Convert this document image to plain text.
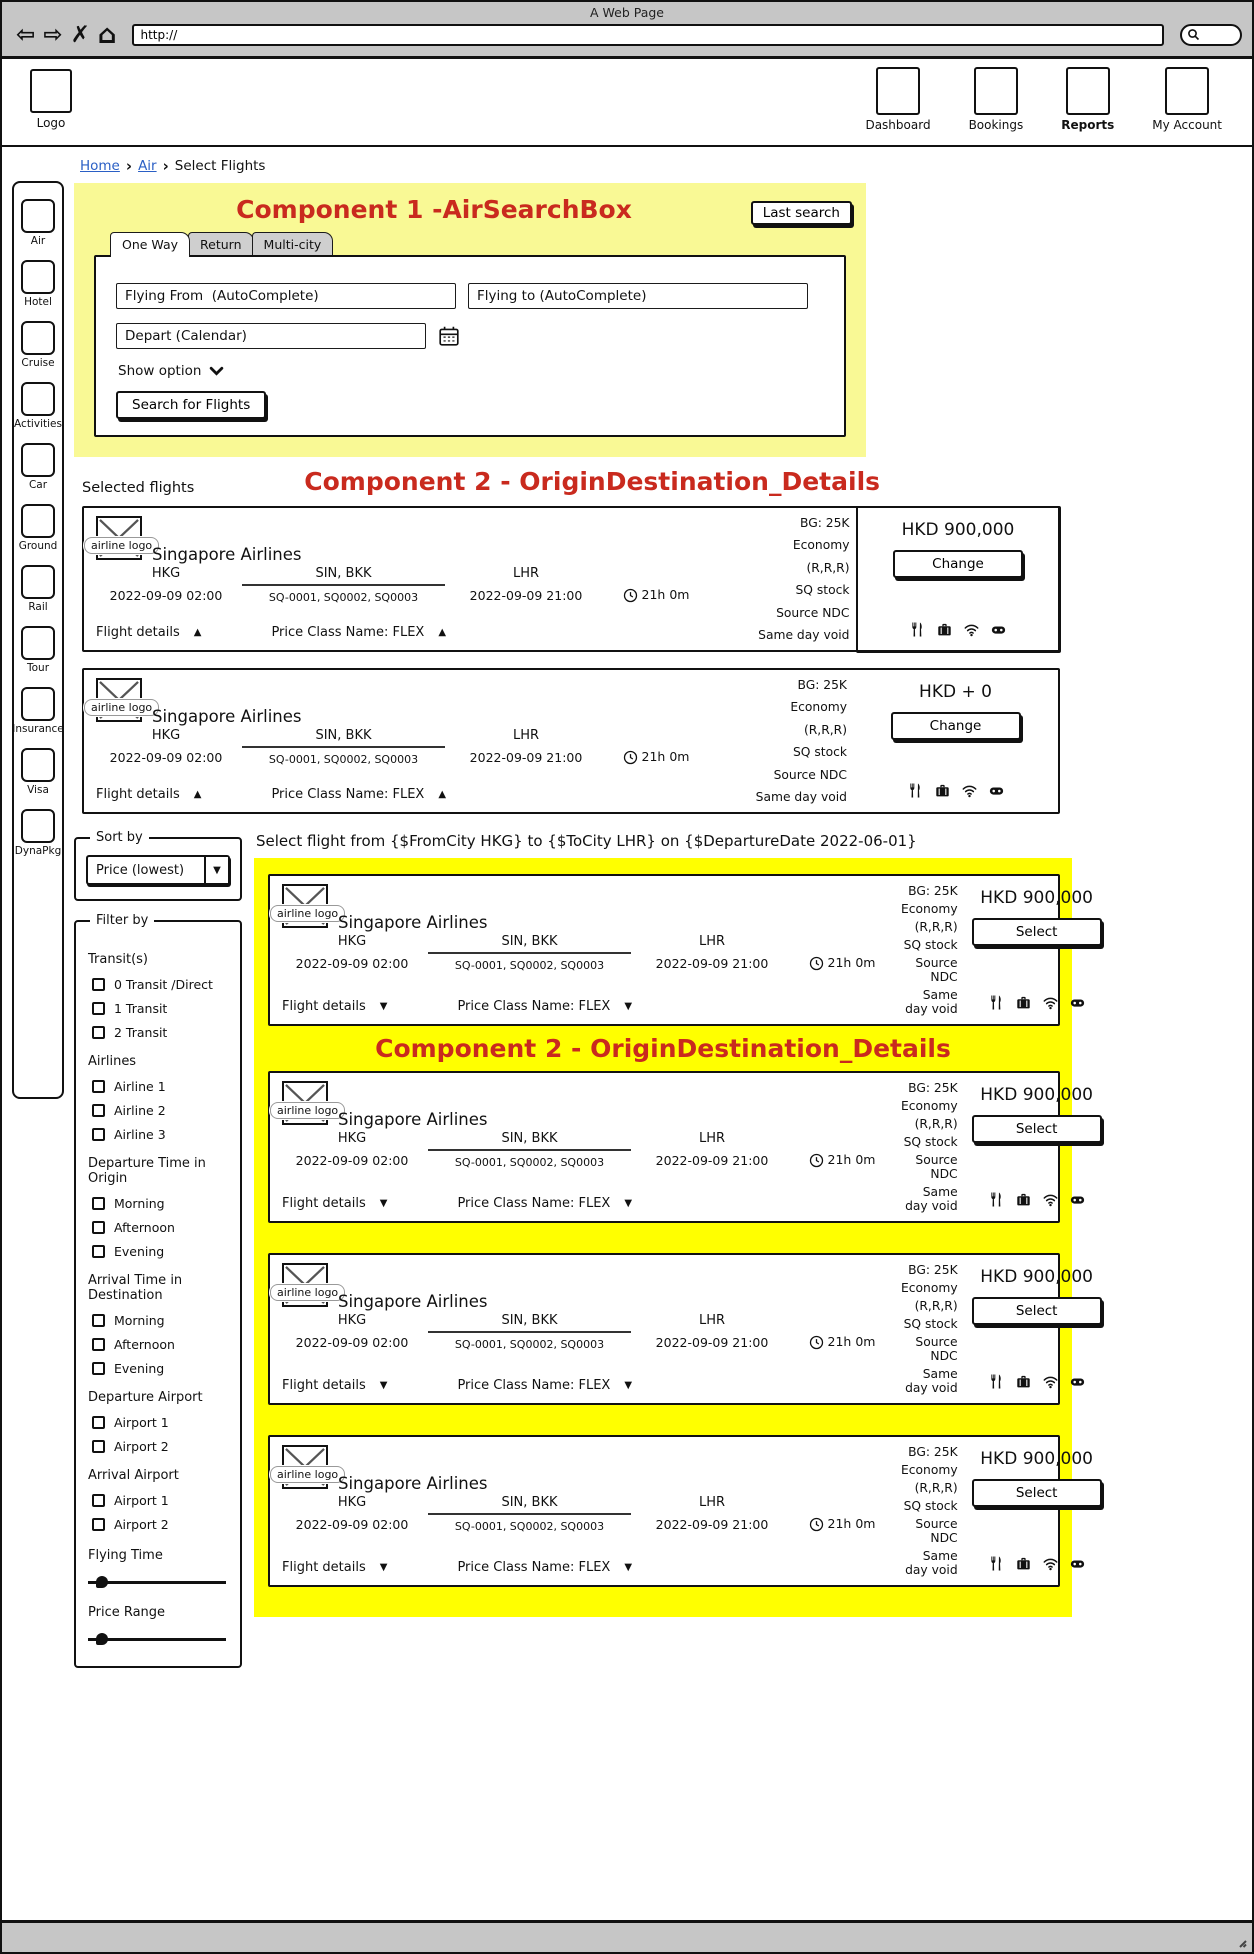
A Web Page
⇦ ⇨ ✗ ⌂
http://
Logo	Dashboard	Bookings	Reports	My Account
Home › Air › Select Flights
Air
Hotel
Cruise
Activities
Car
Ground
Rail
Tour
Insurance
Visa
DynaPkg
Component 1 -AirSearchBox	Last search
One Way	Return	Multi-city
Flying From (AutoComplete)
Flying to (AutoComplete)
Depart (Calendar)
Show option
Search for Flights
Selected flights	Component 2 - OriginDestination_Details
airline logo Singapore Airlines
HKG
2022-09-09 02:00
SIN, BKK
SQ-0001, SQ0002, SQ0003
LHR
2022-09-09 21:00	21h 0m
Flight details ▲	Price Class Name: FLEX ▲
BG: 25K
Economy
(R,R,R)
SQ stock
Source NDC
Same day void
HKD 900,000
Change
airline logo Singapore Airlines
HKG
2022-09-09 02:00
SIN, BKK
SQ-0001, SQ0002, SQ0003
LHR
2022-09-09 21:00	21h 0m
Flight details ▲	Price Class Name: FLEX ▲
BG: 25K
Economy
(R,R,R)
SQ stock
Source NDC
Same day void
HKD + 0
Change
Sort by
Price (lowest)	▼
Filter by
Transit(s)
0 Transit /Direct
1 Transit
2 Transit
Airlines
Airline 1
Airline 2
Airline 3
Departure Time in Origin
Morning
Afternoon
Evening
Arrival Time in Destination
Morning
Afternoon
Evening
Departure Airport
Airport 1
Airport 2
Arrival Airport
Airport 1
Airport 2
Flying Time
Price Range
Select flight from {$FromCity HKG} to {$ToCity LHR} on {$DepartureDate 2022-06-01}
airline logo Singapore Airlines
HKG
2022-09-09 02:00
SIN, BKK
SQ-0001, SQ0002, SQ0003
LHR
2022-09-09 21:00	21h 0m
Flight details ▼	Price Class Name: FLEX ▼
BG: 25K
Economy
(R,R,R)
SQ stock
Source NDC
Same day void
HKD 900,000
Select
Component 2 - OriginDestination_Details
airline logo Singapore Airlines
HKG
2022-09-09 02:00
SIN, BKK
SQ-0001, SQ0002, SQ0003
LHR
2022-09-09 21:00	21h 0m
Flight details ▼	Price Class Name: FLEX ▼
BG: 25K
Economy
(R,R,R)
SQ stock
Source NDC
Same day void
HKD 900,000
Select
airline logo Singapore Airlines
HKG
2022-09-09 02:00
SIN, BKK
SQ-0001, SQ0002, SQ0003
LHR
2022-09-09 21:00	21h 0m
Flight details ▼	Price Class Name: FLEX ▼
BG: 25K
Economy
(R,R,R)
SQ stock
Source NDC
Same day void
HKD 900,000
Select
airline logo Singapore Airlines
HKG
2022-09-09 02:00
SIN, BKK
SQ-0001, SQ0002, SQ0003
LHR
2022-09-09 21:00	21h 0m
Flight details ▼	Price Class Name: FLEX ▼
BG: 25K
Economy
(R,R,R)
SQ stock
Source NDC
Same day void
HKD 900,000
Select
